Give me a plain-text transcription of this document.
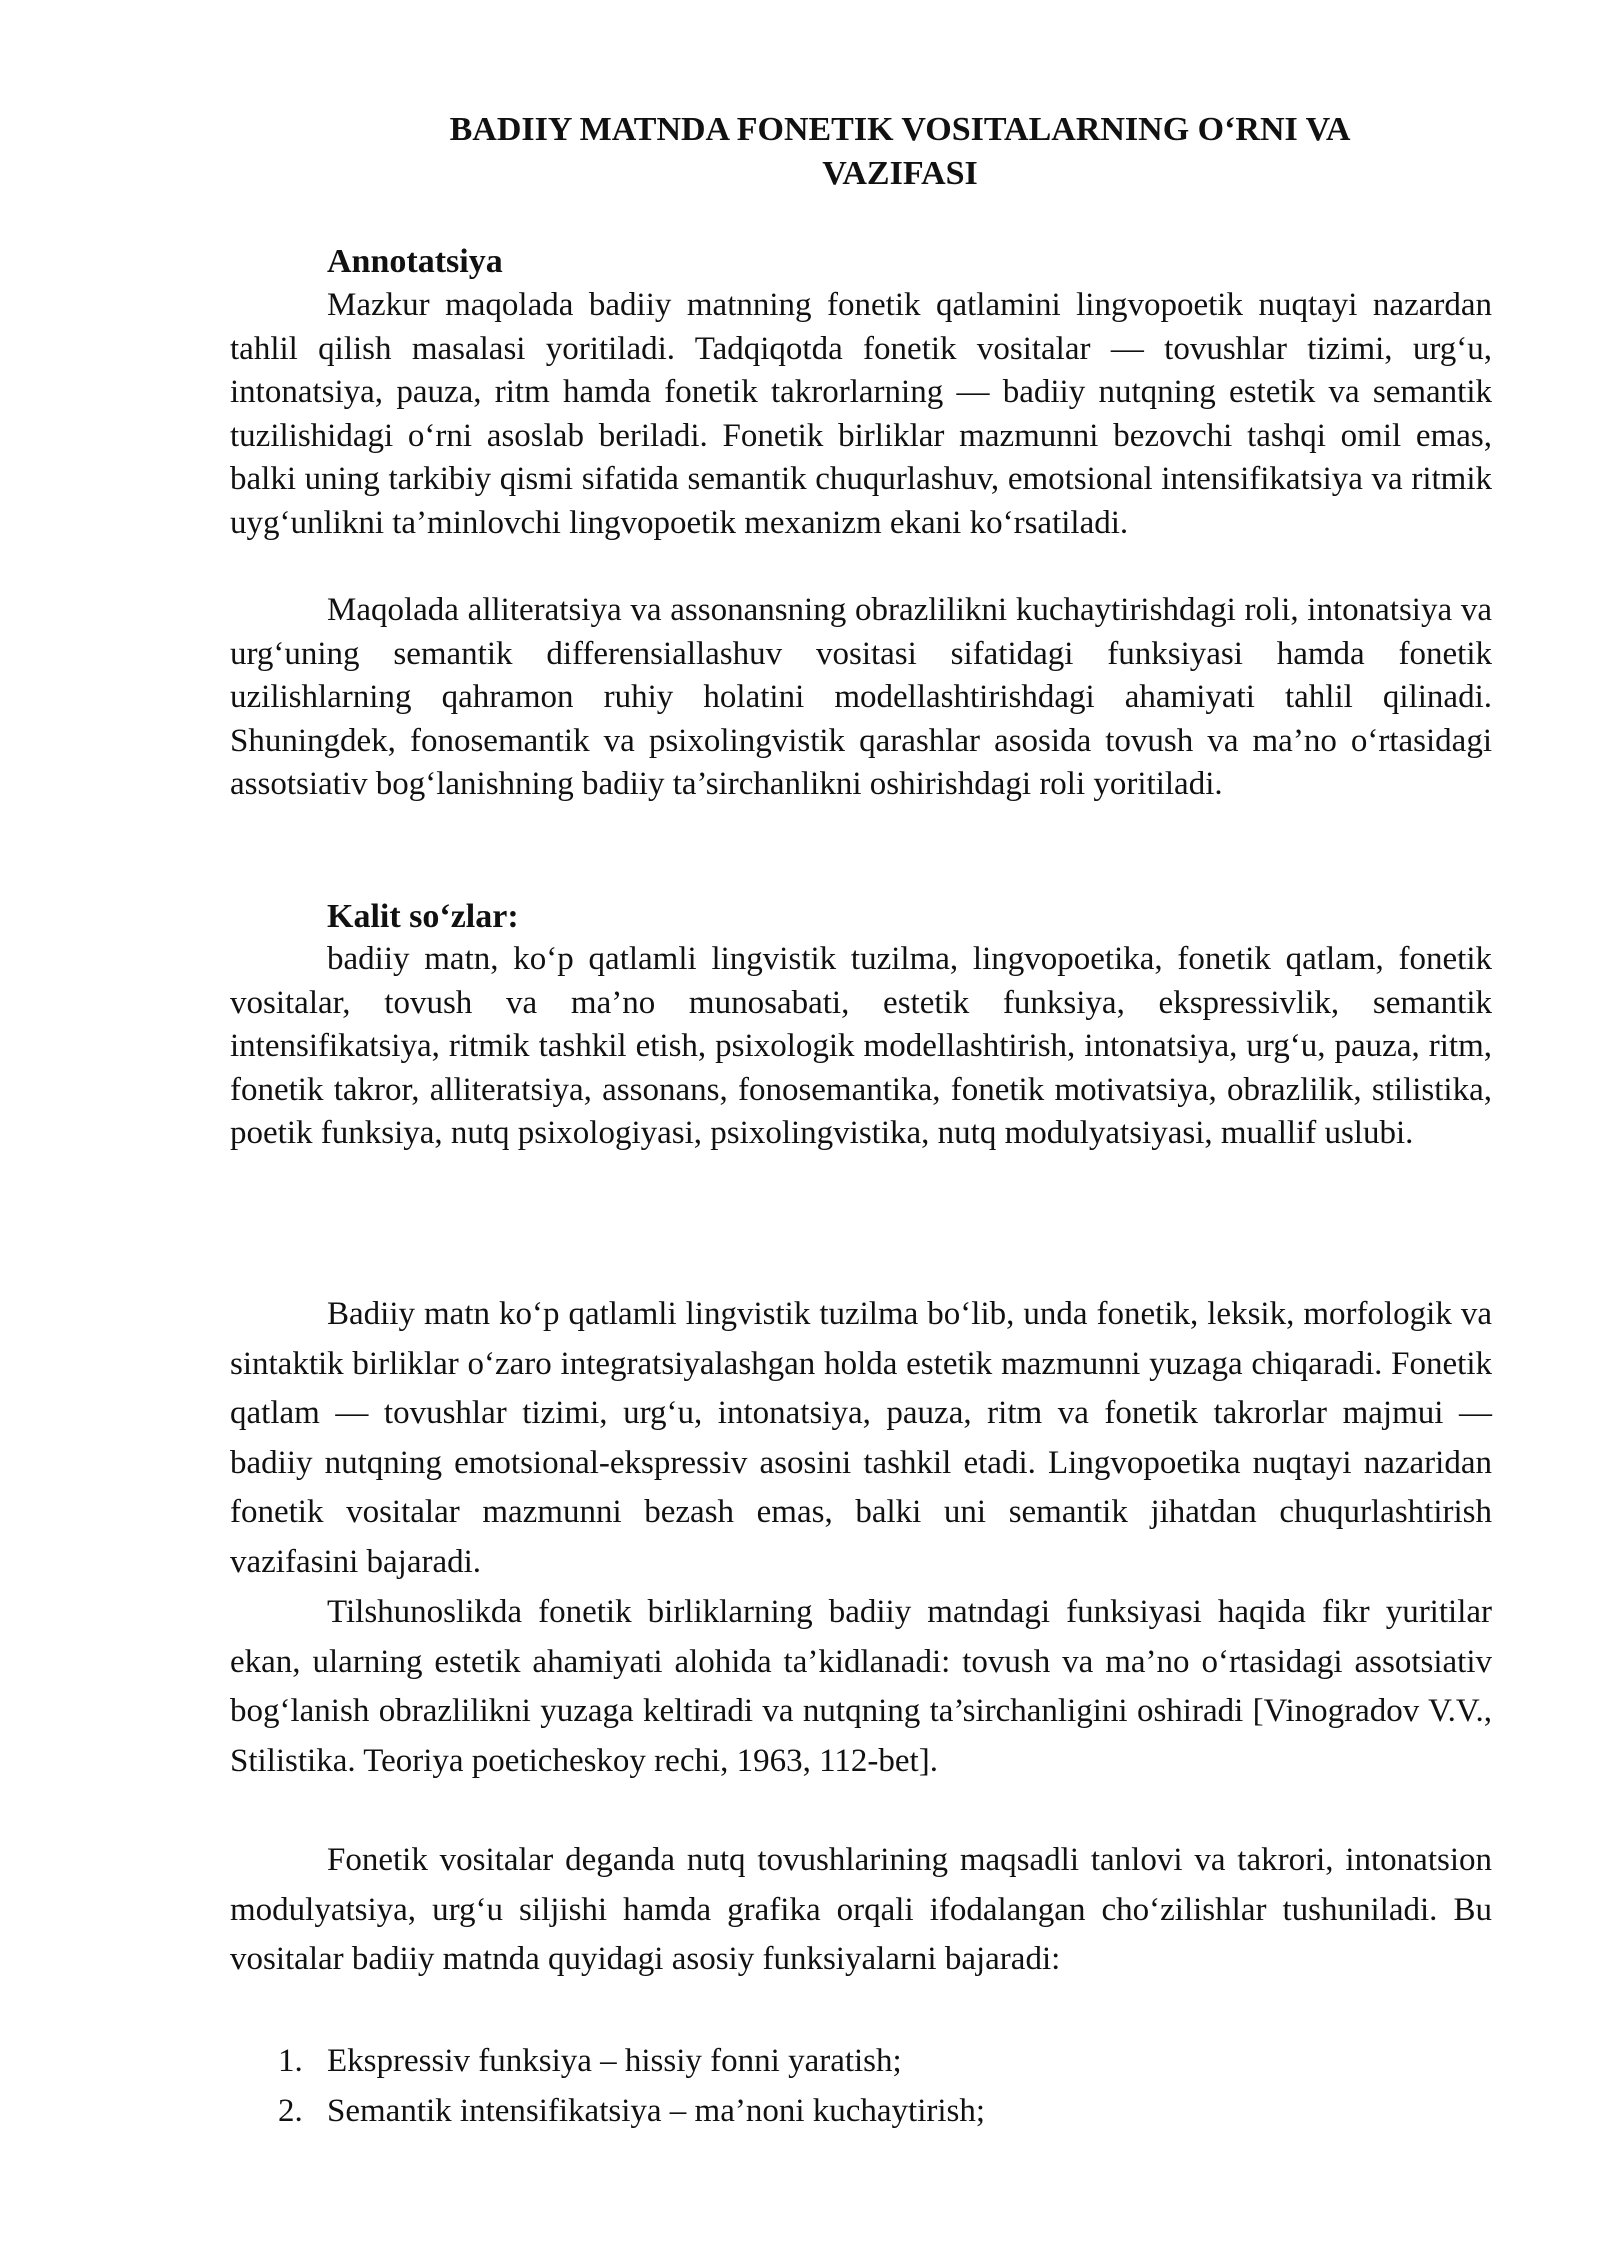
BADIIY MATNDA FONETIK VOSITALARNING O‘RNI VA VAZIFASI
Annotatsiya

Mazkur maqolada badiiy matnning fonetik qatlamini lingvopoetik nuqtayi nazardan tahlil qilish masalasi yoritiladi. Tadqiqotda fonetik vositalar — tovushlar tizimi, urg‘u, intonatsiya, pauza, ritm hamda fonetik takrorlarning — badiiy nutqning estetik va semantik tuzilishidagi o‘rni asoslab beriladi. Fonetik birliklar mazmunni bezovchi tashqi omil emas, balki uning tarkibiy qismi sifatida semantik chuqurlashuv, emotsional intensifikatsiya va ritmik uyg‘unlikni ta’minlovchi lingvopoetik mexanizm ekani ko‘rsatiladi.

Maqolada alliteratsiya va assonansning obrazlilikni kuchaytirishdagi roli, intonatsiya va urg‘uning semantik differensiallashuv vositasi sifatidagi funksiyasi hamda fonetik uzilishlarning qahramon ruhiy holatini modellashtirishdagi ahamiyati tahlil qilinadi. Shuningdek, fonosemantik va psixolingvistik qarashlar asosida tovush va ma’no o‘rtasidagi assotsiativ bog‘lanishning badiiy ta’sirchanlikni oshirishdagi roli yoritiladi.

Kalit so‘zlar:

badiiy matn, ko‘p qatlamli lingvistik tuzilma, lingvopoetika, fonetik qatlam, fonetik vositalar, tovush va ma’no munosabati, estetik funksiya, ekspressivlik, semantik intensifikatsiya, ritmik tashkil etish, psixologik modellashtirish, intonatsiya, urg‘u, pauza, ritm, fonetik takror, alliteratsiya, assonans, fonosemantika, fonetik motivatsiya, obrazlilik, stilistika, poetik funksiya, nutq psixologiyasi, psixolingvistika, nutq modulyatsiyasi, muallif uslubi.

Badiiy matn ko‘p qatlamli lingvistik tuzilma bo‘lib, unda fonetik, leksik, morfologik va sintaktik birliklar o‘zaro integratsiyalashgan holda estetik mazmunni yuzaga chiqaradi. Fonetik qatlam — tovushlar tizimi, urg‘u, intonatsiya, pauza, ritm va fonetik takrorlar majmui — badiiy nutqning emotsional-ekspressiv asosini tashkil etadi. Lingvopoetika nuqtayi nazaridan fonetik vositalar mazmunni bezash emas, balki uni semantik jihatdan chuqurlashtirish vazifasini bajaradi.

Tilshunoslikda fonetik birliklarning badiiy matndagi funksiyasi haqida fikr yuritilar ekan, ularning estetik ahamiyati alohida ta’kidlanadi: tovush va ma’no o‘rtasidagi assotsiativ bog‘lanish obrazlilikni yuzaga keltiradi va nutqning ta’sirchanligini oshiradi [Vinogradov V.V., Stilistika. Teoriya poeticheskoy rechi, 1963, 112-bet].

Fonetik vositalar deganda nutq tovushlarining maqsadli tanlovi va takrori, intonatsion modulyatsiya, urg‘u siljishi hamda grafika orqali ifodalangan cho‘zilishlar tushuniladi. Bu vositalar badiiy matnda quyidagi asosiy funksiyalarni bajaradi:

1. Ekspressiv funksiya – hissiy fonni yaratish;
2. Semantik intensifikatsiya – ma’noni kuchaytirish;
